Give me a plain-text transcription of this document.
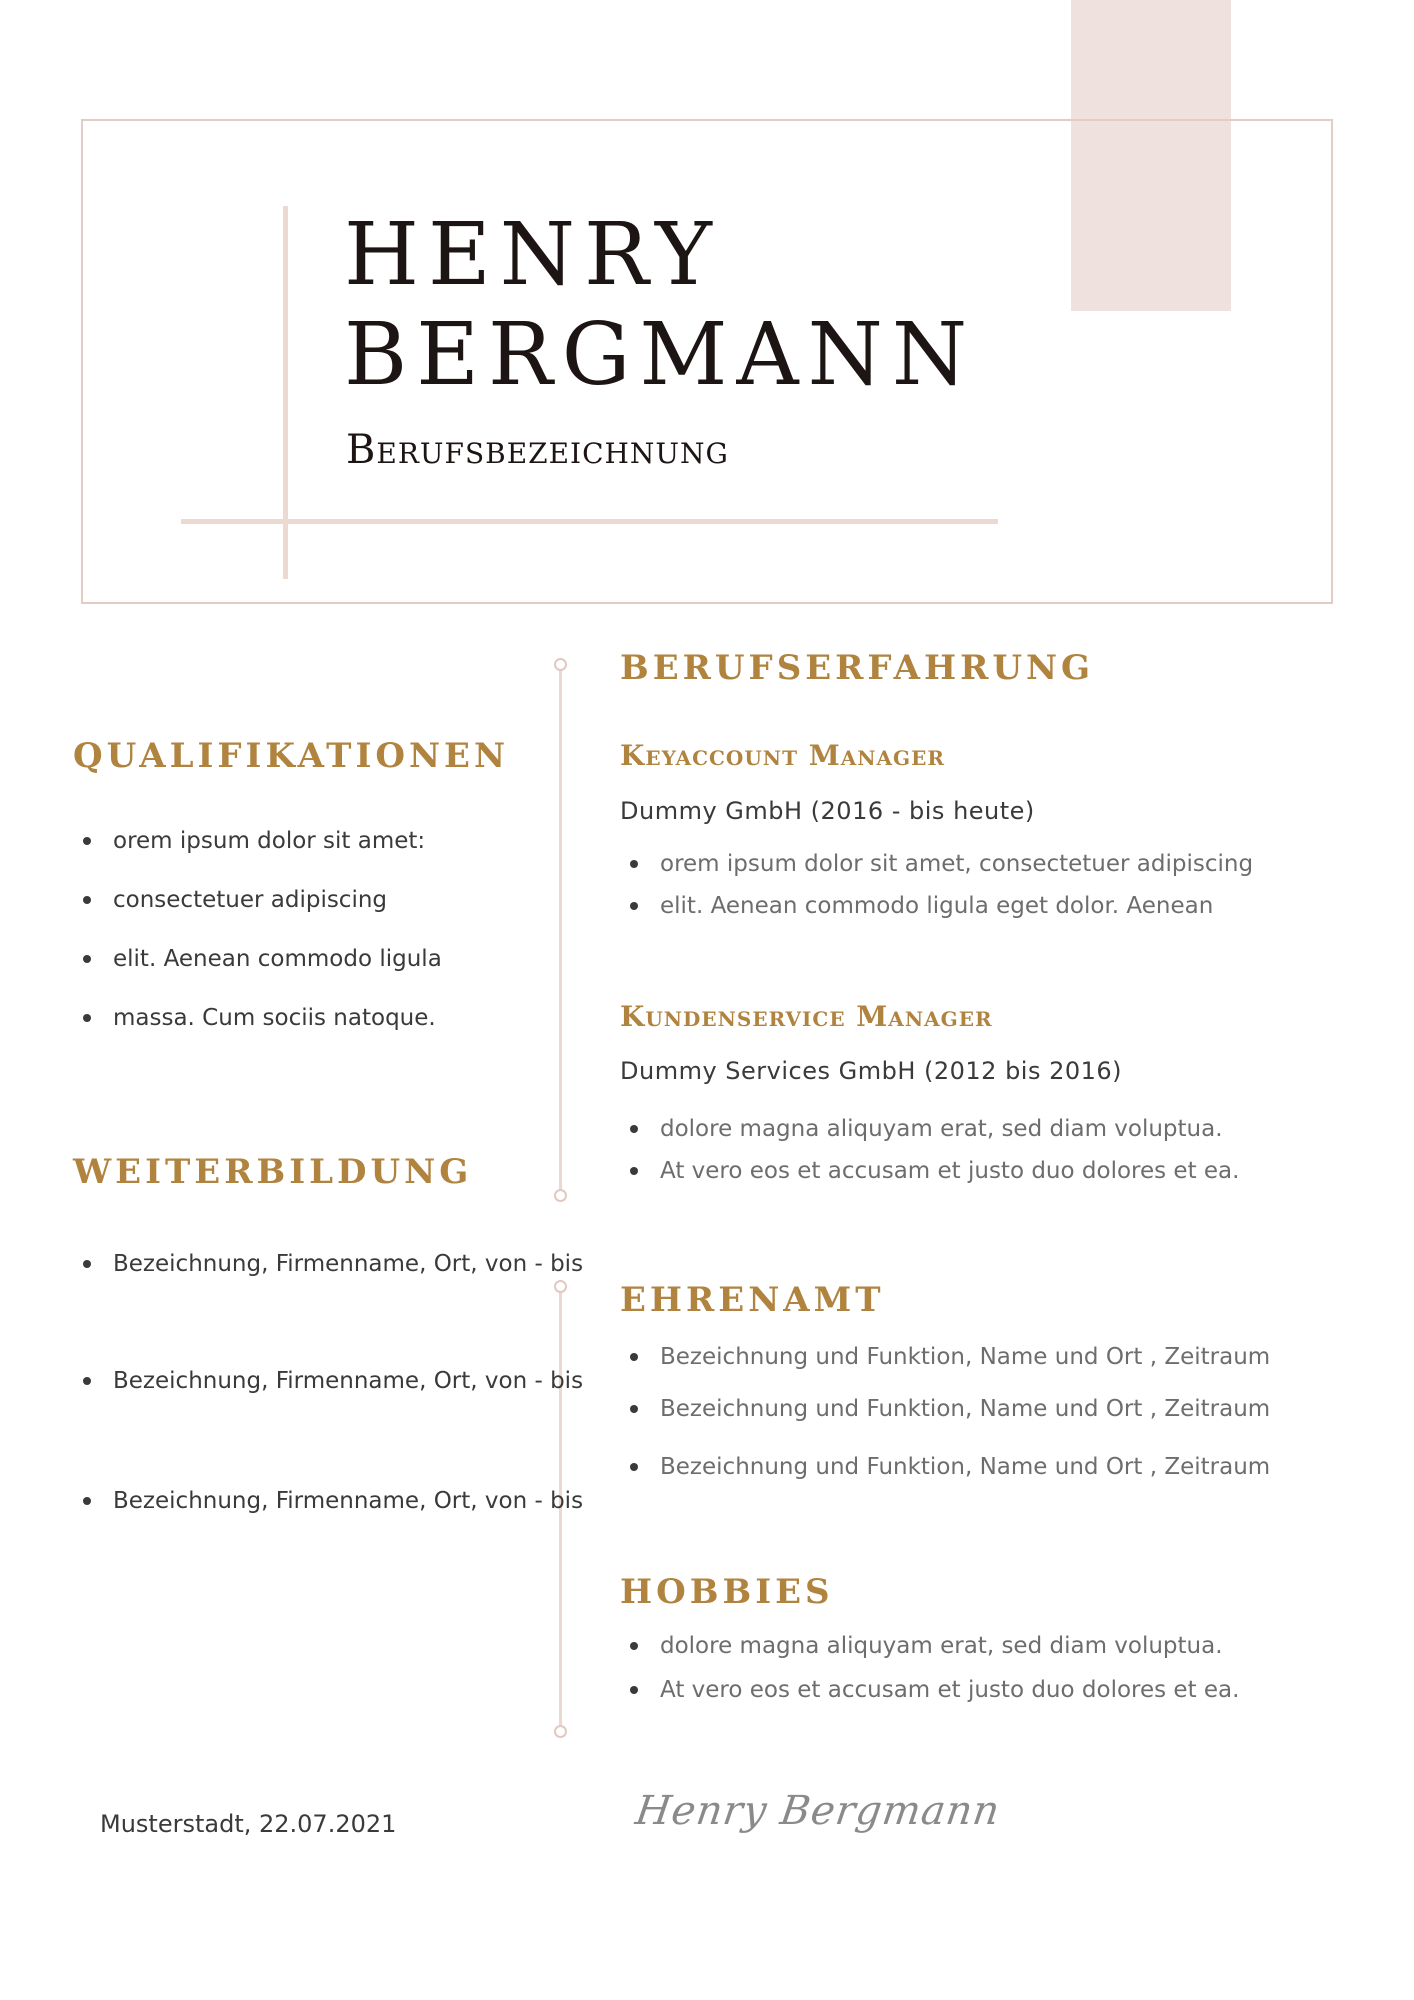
HENRY
BERGMANN
Berufsbezeichnung
QUALIFIKATIONEN
orem ipsum dolor sit amet:
consectetuer adipiscing
elit. Aenean commodo ligula
massa. Cum sociis natoque.
WEITERBILDUNG
Bezeichnung, Firmenname, Ort, von - bis
Bezeichnung, Firmenname, Ort, von - bis
Bezeichnung, Firmenname, Ort, von - bis
BERUFSERFAHRUNG
Keyaccount Manager

Dummy GmbH (2016 - bis heute)

orem ipsum dolor sit amet, consectetuer adipiscing
elit. Aenean commodo ligula eget dolor. Aenean
Kundenservice Manager

Dummy Services GmbH (2012 bis 2016)

dolore magna aliquyam erat, sed diam voluptua.
At vero eos et accusam et justo duo dolores et ea.
EHRENAMT
Bezeichnung und Funktion, Name und Ort , Zeitraum
Bezeichnung und Funktion, Name und Ort , Zeitraum
Bezeichnung und Funktion, Name und Ort , Zeitraum
HOBBIES
dolore magna aliquyam erat, sed diam voluptua.
At vero eos et accusam et justo duo dolores et ea.

Musterstadt, 22.07.2021	Henry Bergmann
